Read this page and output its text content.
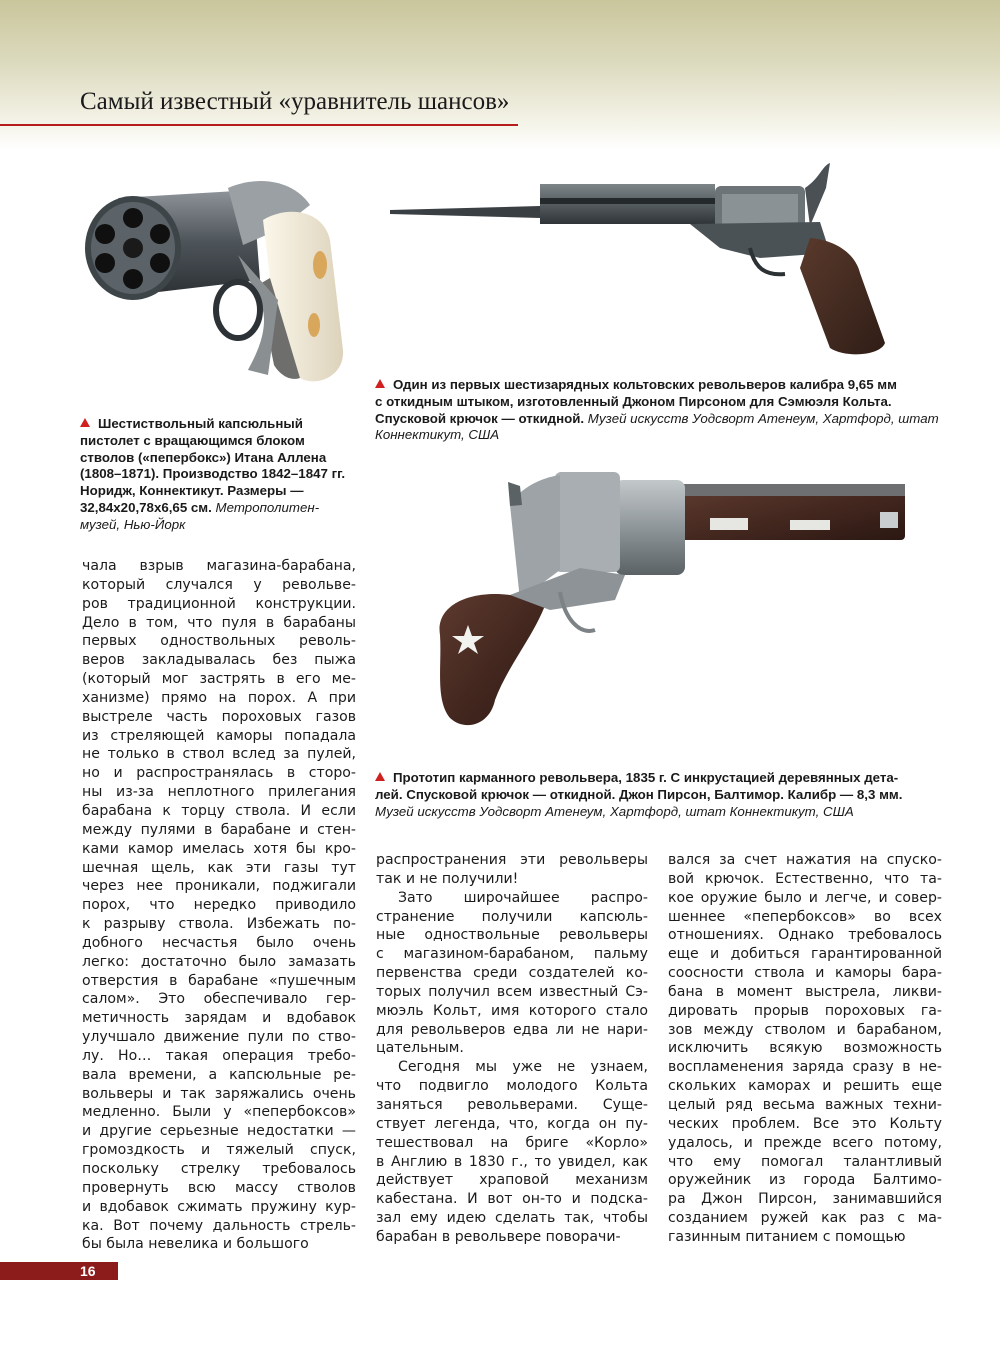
Самый известный «уравнитель шансов»
Шестиствольный капсюльный
пистолет с вращающимся блоком
стволов («пепербокс») Итана Аллена
(1808–1871). Производство 1842–1847 гг.
Норидж, Коннектикут. Размеры —
32,84х20,78х6,65 см. Метрополитен-
музей, Нью-Йорк
Один из первых шестизарядных кольтовских револьверов калибра 9,65 мм
с откидным штыком, изготовленный Джоном Пирсоном для Сэмюэля Кольта.
Спусковой крючок — откидной. Музей искусств Уодсворт Атенеум, Хартфорд, штат
Коннектикут, США
Прототип карманного револьвера, 1835 г. С инкрустацией деревянных дета-
лей. Спусковой крючок — откидной. Джон Пирсон, Балтимор. Калибр — 8,3 мм.
Музей искусств Уодсворт Атенеум, Хартфорд, штат Коннектикут, США
чала взрыв магазина-барабана,
который случался у револьве-
ров традиционной конструкции.
Дело в том, что пуля в барабаны
первых одноствольных револь-
веров закладывалась без пыжа
(который мог застрять в его ме-
ханизме) прямо на порох. А при
выстреле часть пороховых газов
из стреляющей каморы попадала
не только в ствол вслед за пулей,
но и распространялась в сторо-
ны из-за неплотного прилегания
барабана к торцу ствола. И если
между пулями в барабане и стен-
ками камор имелась хотя бы кро-
шечная щель, как эти газы тут
через нее проникали, поджигали
порох, что нередко приводило
к разрыву ствола. Избежать по-
добного несчастья было очень
легко: достаточно было замазать
отверстия в барабане «пушечным
салом». Это обеспечивало гер-
метичность зарядам и вдобавок
улучшало движение пули по ство-
лу. Но… такая операция требо-
вала времени, а капсюльные ре-
вольверы и так заряжались очень
медленно. Были у «пепербоксов»
и другие серьезные недостатки —
громоздкость и тяжелый спуск,
поскольку стрелку требовалось
провернуть всю массу стволов
и вдобавок сжимать пружину кур-
ка. Вот почему дальность стрель-
бы была невелика и большого
распространения эти револьверы
так и не получили!
Зато широчайшее распро-
странение получили капсюль-
ные одноствольные револьверы
с магазином-барабаном, пальму
первенства среди создателей ко-
торых получил всем известный Сэ-
мюэль Кольт, имя которого стало
для револьверов едва ли не нари-
цательным.
Сегодня мы уже не узнаем,
что подвигло молодого Кольта
заняться револьверами. Суще-
ствует легенда, что, когда он пу-
тешествовал на бриге «Корло»
в Англию в 1830 г., то увидел, как
действует храповой механизм
кабестана. И вот он-то и подска-
зал ему идею сделать так, чтобы
барабан в револьвере поворачи-
вался за счет нажатия на спуско-
вой крючок. Естественно, что та-
кое оружие было и легче, и совер-
шеннее «пепербоксов» во всех
отношениях. Однако требовалось
еще и добиться гарантированной
соосности ствола и каморы бара-
бана в момент выстрела, ликви-
дировать прорыв пороховых га-
зов между стволом и барабаном,
исключить всякую возможность
воспламенения заряда сразу в не-
скольких каморах и решить еще
целый ряд весьма важных техни-
ческих проблем. Все это Кольту
удалось, и прежде всего потому,
что ему помогал талантливый
оружейник из города Балтимо-
ра Джон Пирсон, занимавшийся
созданием ружей как раз с ма-
газинным питанием с помощью
16
